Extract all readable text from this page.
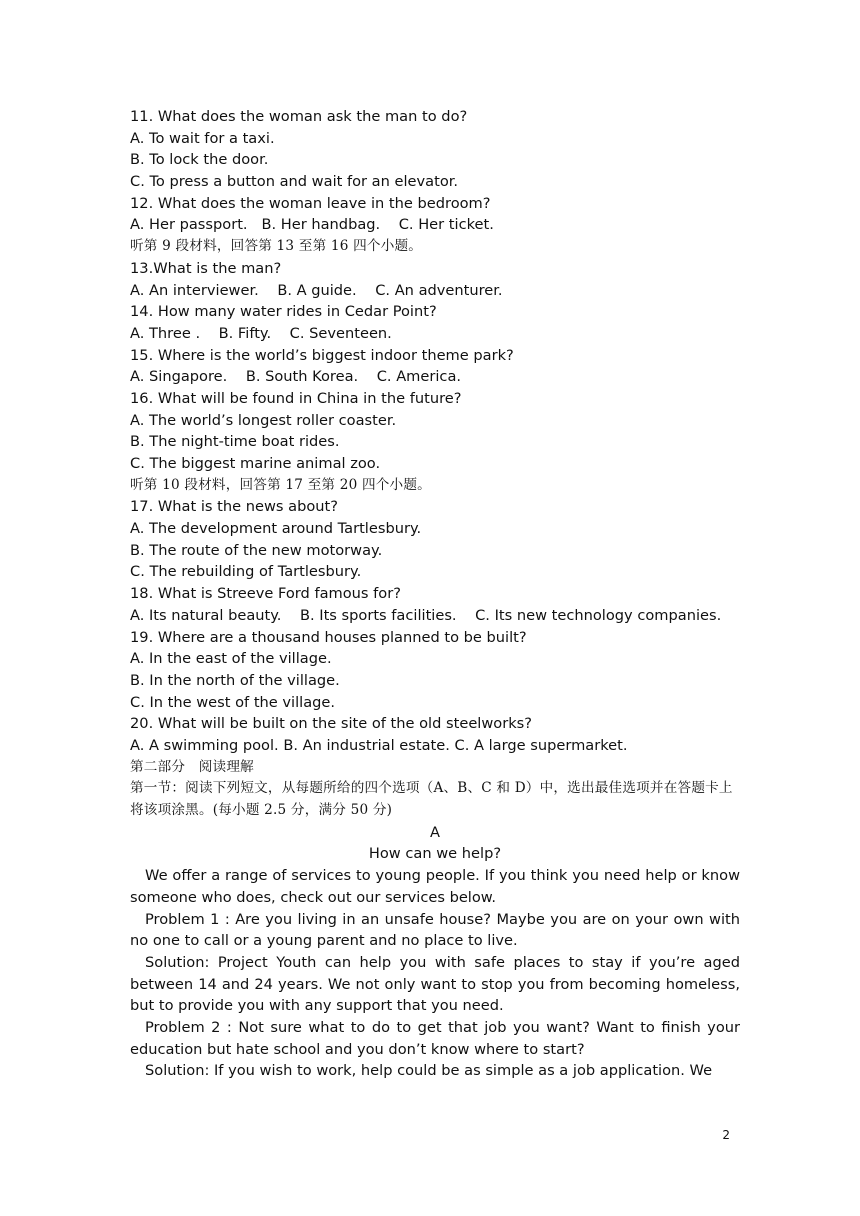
11. What does the woman ask the man to do?
A. To wait for a taxi.
B. To lock the door.
C. To press a button and wait for an elevator.
12. What does the woman leave in the bedroom?
A. Her passport.   B. Her handbag.    C. Her ticket.
听第 9 段材料，回答第 13 至第 16 四个小题。
13.What is the man?
A. An interviewer.    B. A guide.    C. An adventurer.
14. How many water rides in Cedar Point?
A. Three .    B. Fifty.    C. Seventeen.
15. Where is the world’s biggest indoor theme park?
A. Singapore.    B. South Korea.    C. America.
16. What will be found in China in the future?
A. The world’s longest roller coaster.
B. The night-time boat rides.
C. The biggest marine animal zoo.
听第 10 段材料，回答第 17 至第 20 四个小题。
17. What is the news about?
A. The development around Tartlesbury.
B. The route of the new motorway.
C. The rebuilding of Tartlesbury.
18. What is Streeve Ford famous for?
A. Its natural beauty.    B. Its sports facilities.    C. Its new technology companies.
19. Where are a thousand houses planned to be built?
A. In the east of the village.
B. In the north of the village.
C. In the west of the village.
20. What will be built on the site of the old steelworks?
A. A swimming pool. B. An industrial estate. C. A large supermarket.
第二部分   阅读理解
第一节：阅读下列短文，从每题所给的四个选项（A、B、C 和 D）中，选出最佳选项并在答题卡上将该项涂黑。(每小题 2.5 分，满分 50 分)
A
How can we help?
We offer a range of services to young people. If you think you need help or know someone who does, check out our services below.
Problem 1 : Are you living in an unsafe house? Maybe you are on your own with no one to call or a young parent and no place to live.
Solution: Project Youth can help you with safe places to stay if you’re aged between 14 and 24 years. We not only want to stop you from becoming homeless, but to provide you with any support that you need.
Problem 2 : Not sure what to do to get that job you want? Want to finish your education but hate school and you don’t know where to start?
Solution: If you wish to work, help could be as simple as a job application. We
2
